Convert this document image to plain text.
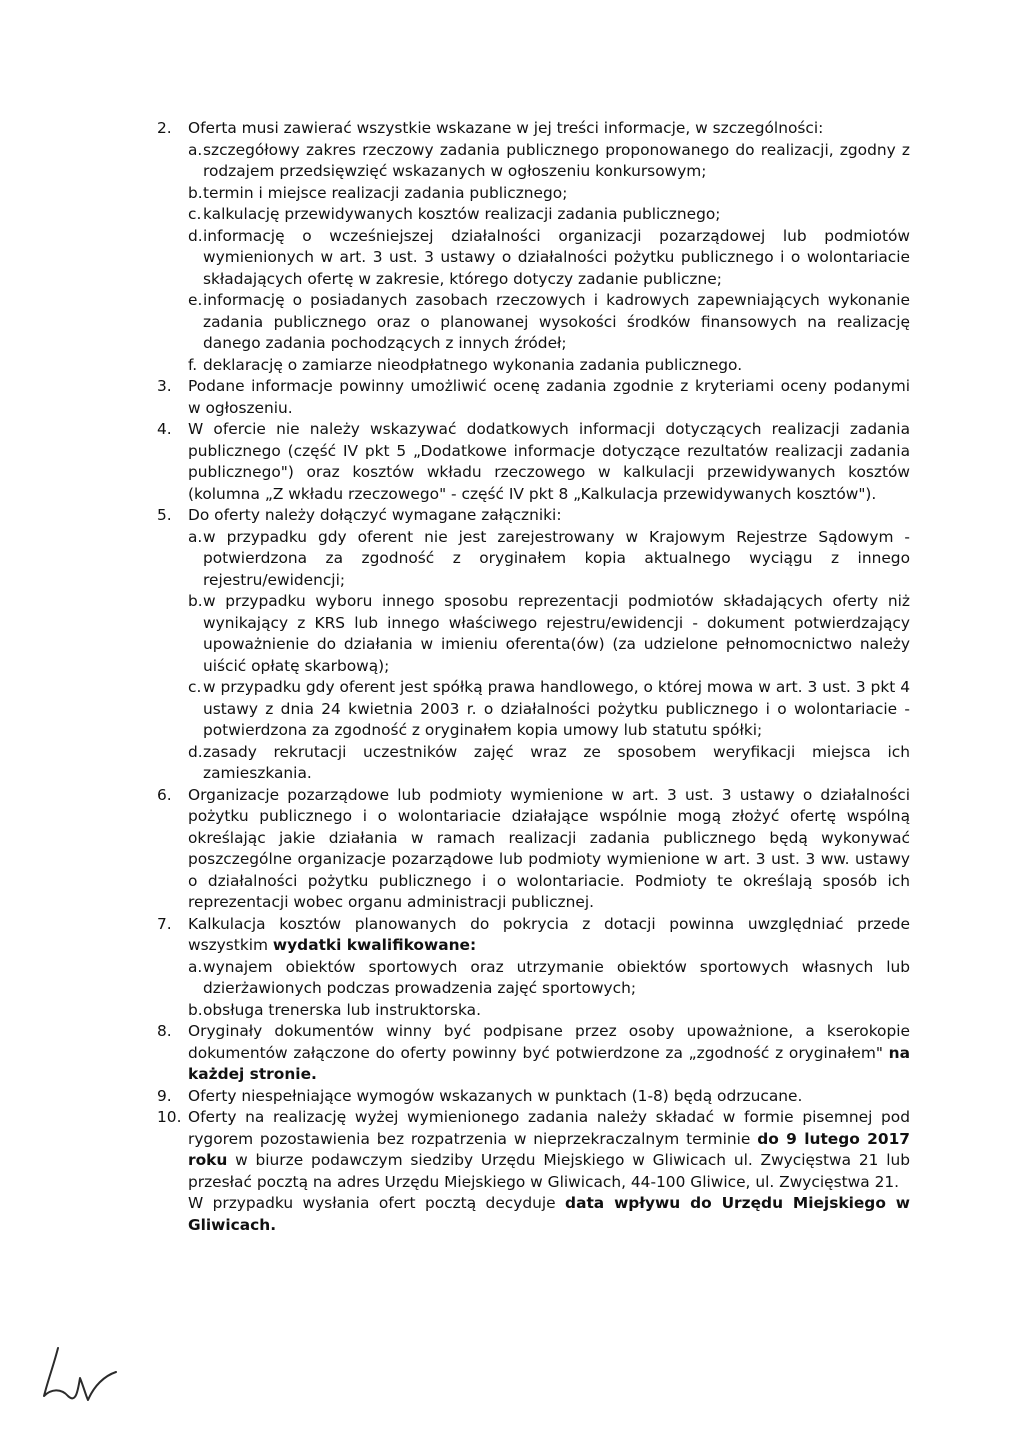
2. Oferta musi zawierać wszystkie wskazane w jej treści informacje, w szczególności:
a. szczegółowy zakres rzeczowy zadania publicznego proponowanego do realizacji, zgodny z rodzajem przedsięwzięć wskazanych w ogłoszeniu konkursowym;
b. termin i miejsce realizacji zadania publicznego;
c. kalkulację przewidywanych kosztów realizacji zadania publicznego;
d. informację o wcześniejszej działalności organizacji pozarządowej lub podmiotów wymienionych w art. 3 ust. 3 ustawy o działalności pożytku publicznego i o wolontariacie składających ofertę w zakresie, którego dotyczy zadanie publiczne;
e. informację o posiadanych zasobach rzeczowych i kadrowych zapewniających wykonanie zadania publicznego oraz o planowanej wysokości środków finansowych na realizację danego zadania pochodzących z innych źródeł;
f. deklarację o zamiarze nieodpłatnego wykonania zadania publicznego.
3. Podane informacje powinny umożliwić ocenę zadania zgodnie z kryteriami oceny podanymi w ogłoszeniu.
4. W ofercie nie należy wskazywać dodatkowych informacji dotyczących realizacji zadania publicznego (część IV pkt 5 „Dodatkowe informacje dotyczące rezultatów realizacji zadania publicznego") oraz kosztów wkładu rzeczowego w kalkulacji przewidywanych kosztów (kolumna „Z wkładu rzeczowego" - część IV pkt 8 „Kalkulacja przewidywanych kosztów").
5. Do oferty należy dołączyć wymagane załączniki:
a. w przypadku gdy oferent nie jest zarejestrowany w Krajowym Rejestrze Sądowym - potwierdzona za zgodność z oryginałem kopia aktualnego wyciągu z innego rejestru/ewidencji;
b. w przypadku wyboru innego sposobu reprezentacji podmiotów składających oferty niż wynikający z KRS lub innego właściwego rejestru/ewidencji - dokument potwierdzający upoważnienie do działania w imieniu oferenta(ów) (za udzielone pełnomocnictwo należy uiścić opłatę skarbową);
c. w przypadku gdy oferent jest spółką prawa handlowego, o której mowa w art. 3 ust. 3 pkt 4 ustawy z dnia 24 kwietnia 2003 r. o działalności pożytku publicznego i o wolontariacie - potwierdzona za zgodność z oryginałem kopia umowy lub statutu spółki;
d. zasady rekrutacji uczestników zajęć wraz ze sposobem weryfikacji miejsca ich zamieszkania.
6. Organizacje pozarządowe lub podmioty wymienione w art. 3 ust. 3 ustawy o działalności pożytku publicznego i o wolontariacie działające wspólnie mogą złożyć ofertę wspólną określając jakie działania w ramach realizacji zadania publicznego będą wykonywać poszczególne organizacje pozarządowe lub podmioty wymienione w art. 3 ust. 3 ww. ustawy o działalności pożytku publicznego i o wolontariacie. Podmioty te określają sposób ich reprezentacji wobec organu administracji publicznej.
7. Kalkulacja kosztów planowanych do pokrycia z dotacji powinna uwzględniać przede wszystkim wydatki kwalifikowane:
a. wynajem obiektów sportowych oraz utrzymanie obiektów sportowych własnych lub dzierżawionych podczas prowadzenia zajęć sportowych;
b. obsługa trenerska lub instruktorska.
8. Oryginały dokumentów winny być podpisane przez osoby upoważnione, a kserokopie dokumentów załączone do oferty powinny być potwierdzone za „zgodność z oryginałem" na każdej stronie.
9. Oferty niespełniające wymogów wskazanych w punktach (1-8) będą odrzucane.
10. Oferty na realizację wyżej wymienionego zadania należy składać w formie pisemnej pod rygorem pozostawienia bez rozpatrzenia w nieprzekraczalnym terminie do 9 lutego 2017 roku w biurze podawczym siedziby Urzędu Miejskiego w Gliwicach ul. Zwycięstwa 21 lub przesłać pocztą na adres Urzędu Miejskiego w Gliwicach, 44-100 Gliwice, ul. Zwycięstwa 21.
W przypadku wysłania ofert pocztą decyduje data wpływu do Urzędu Miejskiego w Gliwicach.
